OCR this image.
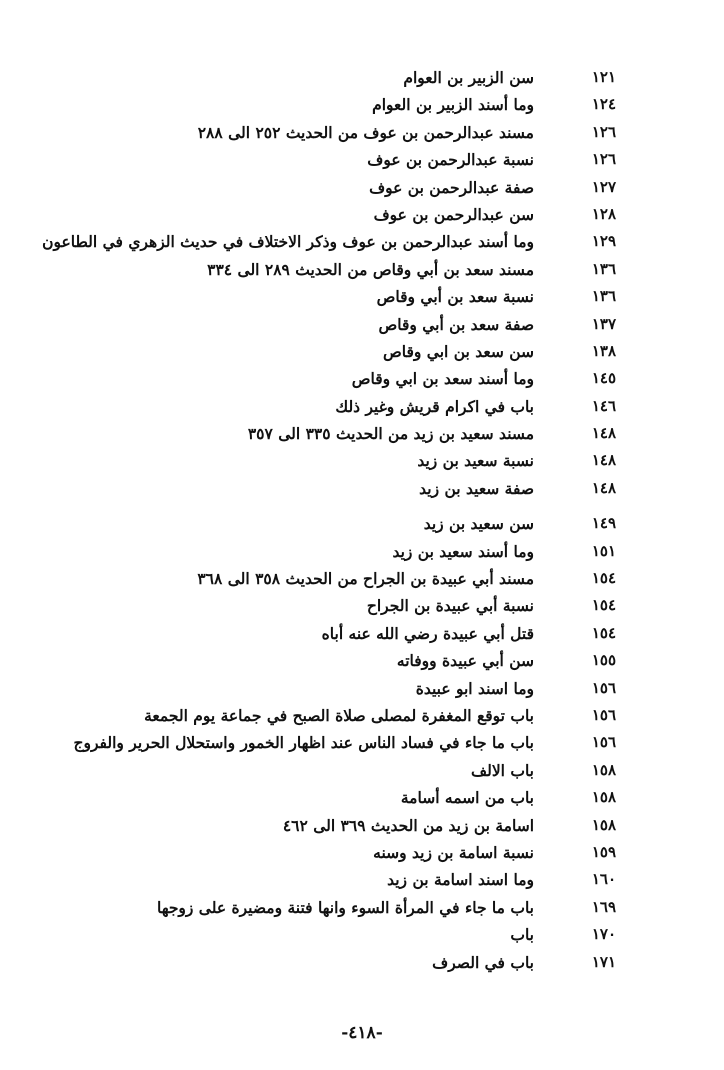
١٢١
سن الزبير بن العوام
١٢٤
وما أسند الزبير بن العوام
١٢٦
مسند عبدالرحمن بن عوف من الحديث ٢٥٢ الى ٢٨٨
١٢٦
نسبة عبدالرحمن بن عوف
١٢٧
صفة عبدالرحمن بن عوف
١٢٨
سن عبدالرحمن بن عوف
١٢٩
وما أسند عبدالرحمن بن عوف وذكر الاختلاف في حديث الزهري في الطاعون
١٣٦
مسند سعد بن أبي وقاص من الحديث ٢٨٩ الى ٣٣٤
١٣٦
نسبة سعد بن أبي وقاص
١٣٧
صفة سعد بن أبي وقاص
١٣٨
سن سعد بن ابي وقاص
١٤٥
وما أسند سعد بن ابي وقاص
١٤٦
باب في اكرام قريش وغير ذلك
١٤٨
مسند سعيد بن زيد من الحديث ٣٣٥ الى ٣٥٧
١٤٨
نسبة سعيد بن زيد
١٤٨
صفة سعيد بن زيد
١٤٩
سن سعيد بن زيد
١٥١
وما أسند سعيد بن زيد
١٥٤
مسند أبي عبيدة بن الجراح من الحديث ٣٥٨ الى ٣٦٨
١٥٤
نسبة أبي عبيدة بن الجراح
١٥٤
قتل أبي عبيدة رضي الله عنه أباه
١٥٥
سن أبي عبيدة ووفاته
١٥٦
وما اسند ابو عبيدة
١٥٦
باب توقع المغفرة لمصلى صلاة الصبح في جماعة يوم الجمعة
١٥٦
باب ما جاء في فساد الناس عند اظهار الخمور واستحلال الحرير والفروج
١٥٨
باب الالف
١٥٨
باب من اسمه أسامة
١٥٨
اسامة بن زيد من الحديث ٣٦٩ الى ٤٦٢
١٥٩
نسبة اسامة بن زيد وسنه
١٦٠
وما اسند اسامة بن زيد
١٦٩
باب ما جاء في المرأة السوء وانها فتنة ومضيرة على زوجها
١٧٠
باب
١٧١
باب في الصرف
-٤١٨-
